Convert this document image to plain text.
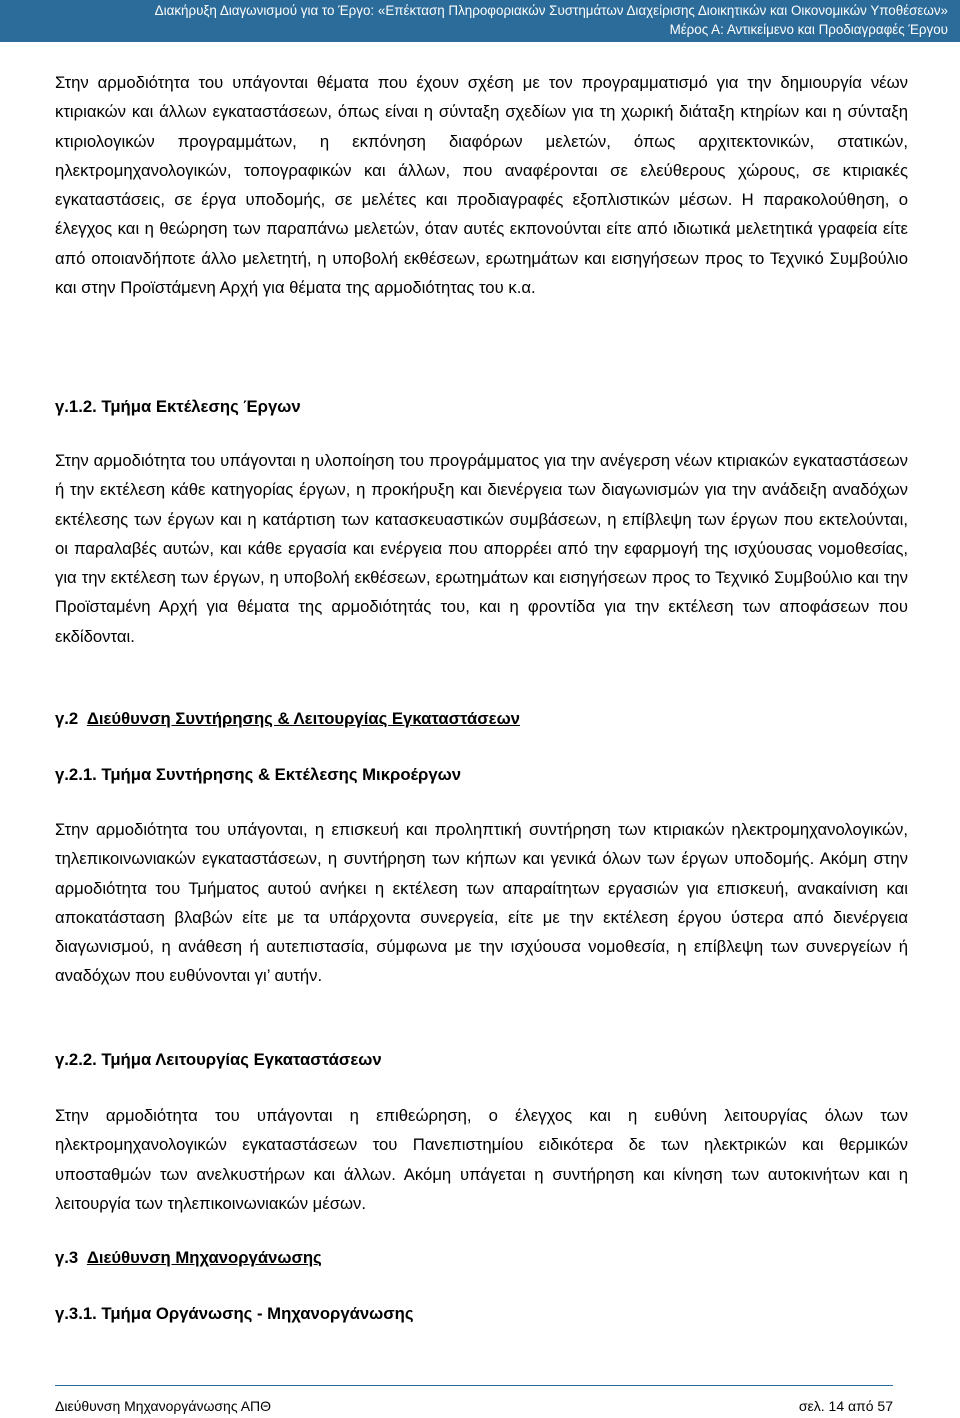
Διακήρυξη Διαγωνισμού για το Έργο: «Επέκταση Πληροφοριακών Συστημάτων Διαχείρισης Διοικητικών και Οικονομικών Υποθέσεων»
Μέρος Α: Αντικείμενο και Προδιαγραφές Έργου

Στην αρμοδιότητα του υπάγονται θέματα που έχουν σχέση με τον προγραμματισμό για την δημιουργία νέων κτιριακών και άλλων εγκαταστάσεων, όπως είναι η σύνταξη σχεδίων για τη χωρική διάταξη κτηρίων και η σύνταξη κτιριολογικών προγραμμάτων, η εκπόνηση διαφόρων μελετών, όπως αρχιτεκτονικών, στατικών, ηλεκτρομηχανολογικών, τοπογραφικών και άλλων, που αναφέρονται σε ελεύθερους χώρους, σε κτιριακές εγκαταστάσεις, σε έργα υποδομής, σε μελέτες και προδιαγραφές εξοπλιστικών μέσων. Η παρακολούθηση, ο έλεγχος και η θεώρηση των παραπάνω μελετών, όταν αυτές εκπονούνται είτε από ιδιωτικά μελετητικά γραφεία είτε από οποιανδήποτε άλλο μελετητή, η υποβολή εκθέσεων, ερωτημάτων και εισηγήσεων προς το Τεχνικό Συμβούλιο και στην Προϊστάμενη Αρχή για θέματα της αρμοδιότητας του κ.α.

γ.1.2. Τμήμα Εκτέλεσης Έργων

Στην αρμοδιότητα του υπάγονται η υλοποίηση του προγράμματος για την ανέγερση νέων κτιριακών εγκαταστάσεων ή την εκτέλεση κάθε κατηγορίας έργων, η προκήρυξη και διενέργεια των διαγωνισμών για την ανάδειξη αναδόχων εκτέλεσης των έργων και η κατάρτιση των κατασκευαστικών συμβάσεων, η επίβλεψη των έργων που εκτελούνται, οι παραλαβές αυτών, και κάθε εργασία και ενέργεια που απορρέει από την εφαρμογή της ισχύουσας νομοθεσίας, για την εκτέλεση των έργων, η υποβολή εκθέσεων, ερωτημάτων και εισηγήσεων προς το Τεχνικό Συμβούλιο και την Προϊσταμένη Αρχή για θέματα της αρμοδιότητάς του, και η φροντίδα για την εκτέλεση των αποφάσεων που εκδίδονται.

γ.2 Διεύθυνση Συντήρησης & Λειτουργίας Εγκαταστάσεων
γ.2.1. Τμήμα Συντήρησης & Εκτέλεσης Μικροέργων

Στην αρμοδιότητα του υπάγονται, η επισκευή και προληπτική συντήρηση των κτιριακών ηλεκτρομηχανολογικών, τηλεπικοινωνιακών εγκαταστάσεων, η συντήρηση των κήπων και γενικά όλων των έργων υποδομής. Ακόμη στην αρμοδιότητα του Τμήματος αυτού ανήκει η εκτέλεση των απαραίτητων εργασιών για επισκευή, ανακαίνιση και αποκατάσταση βλαβών είτε με τα υπάρχοντα συνεργεία, είτε με την εκτέλεση έργου ύστερα από διενέργεια διαγωνισμού, η ανάθεση ή αυτεπιστασία, σύμφωνα με την ισχύουσα νομοθεσία, η επίβλεψη των συνεργείων ή αναδόχων που ευθύνονται γι’ αυτήν.

γ.2.2. Τμήμα Λειτουργίας Εγκαταστάσεων

Στην αρμοδιότητα του υπάγονται η επιθεώρηση, ο έλεγχος και η ευθύνη λειτουργίας όλων των ηλεκτρομηχανολογικών εγκαταστάσεων του Πανεπιστημίου ειδικότερα δε των ηλεκτρικών και θερμικών υποσταθμών των ανελκυστήρων και άλλων. Ακόμη υπάγεται η συντήρηση και κίνηση των αυτοκινήτων και η λειτουργία των τηλεπικοινωνιακών μέσων.

γ.3 Διεύθυνση Μηχανοργάνωσης
γ.3.1. Τμήμα Οργάνωσης - Μηχανοργάνωσης
Διεύθυνση Μηχανοργάνωσης ΑΠΘ	σελ. 14 από 57
